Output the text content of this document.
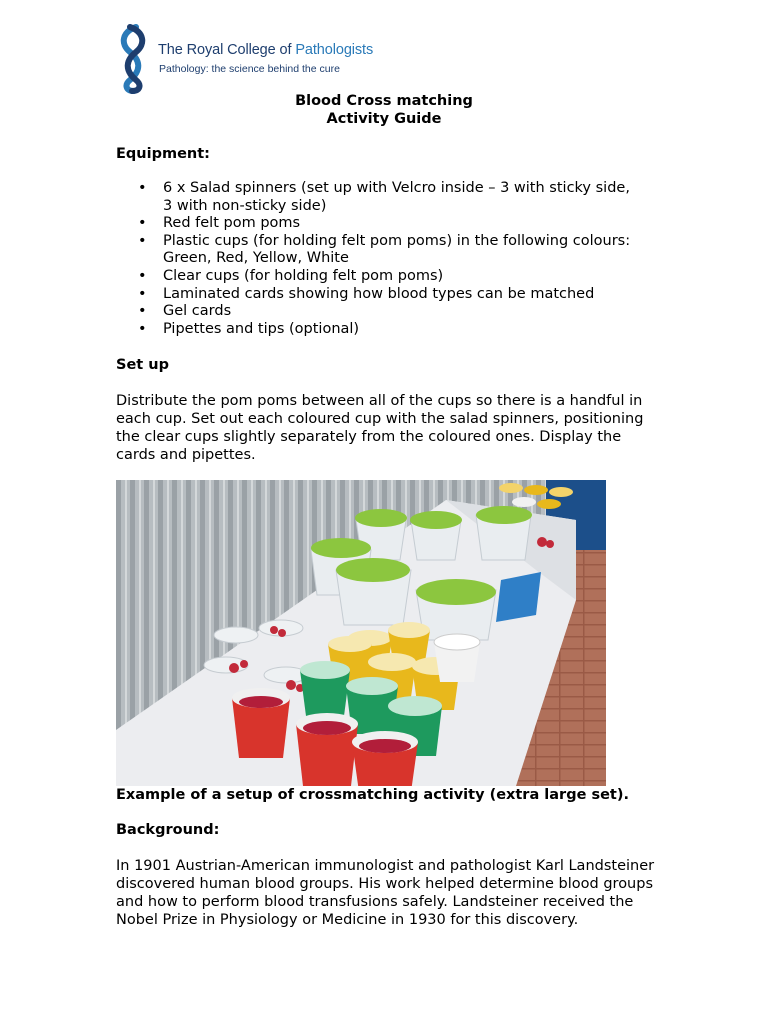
The Royal College of Pathologists
Pathology: the science behind the cure
Blood Cross matching
Activity Guide
Equipment:
• 6 x Salad spinners (set up with Velcro inside – 3 with sticky side, 3 with non-sticky side)
• Red felt pom poms
• Plastic cups (for holding felt pom poms) in the following colours: Green, Red, Yellow, White
• Clear cups (for holding felt pom poms)
• Laminated cards showing how blood types can be matched
• Gel cards
• Pipettes and tips (optional)
Set up

Distribute the pom poms between all of the cups so there is a handful in each cup. Set out each coloured cup with the salad spinners, positioning the clear cups slightly separately from the coloured ones. Display the cards and pipettes.

Example of a setup of crossmatching activity (extra large set).
Background:

In 1901 Austrian-American immunologist and pathologist Karl Landsteiner discovered human blood groups. His work helped determine blood groups and how to perform blood transfusions safely. Landsteiner received the Nobel Prize in Physiology or Medicine in 1930 for this discovery.
